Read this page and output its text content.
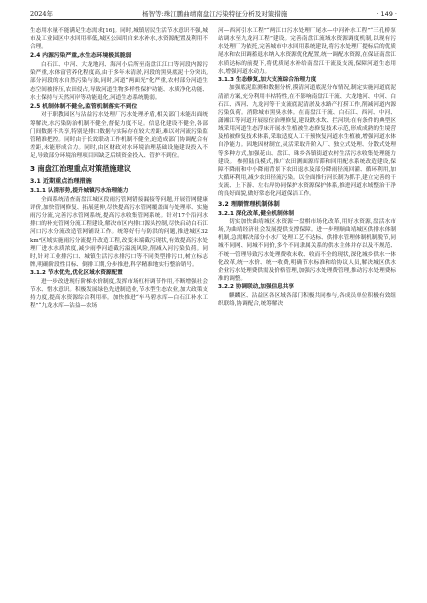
2024年	杨智等:珠江鹏曲靖南盘江污染特征分析及对策措施	· 149 ·

生态用水量不能满足生态需求[16]。同时,城镇居民生活节水意识不强,城市及工业园区中水回用率低,城区公园用自来水补水,水资源配置及利用不合理。

2.4 内源污染严重,水生态环境极其脆弱

白石江、中河、大龙地河、海河小后所至南盘江江口等河段内源污染严重,水体富营养化程度高,由于多年未清淤,河段的黑臭底泥十分突出,部分河段的水自然污染与浊,同时,河道“两面光”化严重,农村部分河道生态空间被挤压,农田侵占,导致河道生物多样性保护功能、水质净化功能、水土保持与天然河岸等功能退化,河道生态系统脆弱。

2.5 机制体制不健全,监管机制落实不到位

对于职教园区与沾益污水处理厂污水处理矛盾,相关部门未能出面统筹解决,水污染防治机制不健全,督促力度不足。信息化建设不健全,各部门间数据不共享,特别是排口数据与实际存在较大差距,难以对河流污染监管精准把控。同时由于长效联动工作机制不健全,迫造成部门协调配合有差距,未能形成合力。同时,由区财政对水环境治理基础设施建设投入不足,导致部分环境治理项目因缺乏后续资金投入、管护不到位。

3 南盘江治理重点对策措施建议
3.1 近期重点治理措施
3.1.1 认清形势,提升城镇污水治理能力

全面系统清查南盘江城区段雨污管网错接漏接等问题,开展管网健康评价,加快管网修复、拓展延伸,尽快提高污水管网覆盖面与处理率、实施雨污分流,完善污水管网系统,提高污水收集管网系统。针对17个沿河水排口的补充管网分流工程建设,解决市区内排口源头控制,尽快启动白石江河口污水分流改造管网铺设工作。统筹好行与防洪的问题,推进城区32 km²区域实施雨污分流提升改造工程,改变未端截污现状,有效提高污水处理厂进水水质浓度,减少雨季河道截污溢流风险,削减入河污染负荷。同时,针对工业排污口、城镇生活污水排污口等不同类型排污口,树立标志牌,明确阶段性目标、倒排工期,分步推进,科学精准地实行整治销号。

3.1.2 节水优先,优化区域水资源配置

进一步改进现行阶梯水价制度,发挥市场杠杆调节作用,不断增强社会节水、惜水意识。积极发展绿色先进制造业,节水型生态农业,加大政策支持力度,提高水资源综合利用率。加快推进“车马碧水库—白石江补水工程”“九龙水库—沾益—农场

河—西河引水工程”“两江口污水处理厂尾水—中河补水工程”“三孔桥泵站调水至九龙河工程”建设。完善南盘江流域水资源调度机制,以现有污水处理厂为依托,完善城市中水回用系统建设,将污水处理厂提标后的优质尾水和农田调蓄退水纳入水资源优化配置,统一调配水资源,在保证南盘江水质达标的前提下,将优质尾水补给南盘江干流及支流,保障河道生态用水,增强河道水动力。

3.1.3 生态修复,加大支流综合治理力度

加强底泥监测和数据分析,摸清河道底泥分布情况,制定实施河道底泥清淤方案,充分利用丰枯特性,在不影响南盘江干流、大龙地河、中河、白石江、西河、九龙河等干支流底泥清淤及水路产打捞工作,削减河道内源污染负荷。消除城市黑臭水体。在南盘江干流、白石江、西河、中河、潇湘江等河道开展原位治理修复,建设跌水坎、拦河坝;在有条件的典型区域采用河道生态浮床开展水生植被生态修复技术示范,形成成熟的生境营及植被修复技术体系,采取适度人工干预恢复河道水生植被,增强河道水体自净能力。因地因材制宜,灵活采取升阶入厂、独立式处理、分散式处理等多种方式,加强花山、盘江、珠乡各镇街道农村生活污水收集处理能力建设。 参照陆良模式,推广农田测面源库滞和回用配水系统改造建设,保障不降雨和中小降雨背景下农田退水及部分降雨径流回灌、循环利用,加大循环利用,减少农田径流污染。以全面推行河长制为抓手,建立完善的干支流、上下游、左右岸协同保护水资源保护体系,推进河道水域整治干净的良好面貌,做好常态化河道保洁工作。

3.2 理顺管理机制体制
3.2.1 深化改革,健全机制体制

切实加快曲靖城区水资源一盘棋市场化改革,用好水资源,盘活水市场,为曲靖经济社会发展提供支撑保障。进一步理顺曲靖城区供排水体制机制,急需解决部分小水厂处理工艺不达标、供排水管理体制机制脱节,同城不同网、同城不同价,多个不同隶属关系的供水主体并存以及不规范、不统一管理导致污水处理费收未收、收而不全的现状,深化城乡供水一体化改革,统一水价、统一收费,明确节水标准和给协议人员,解决城区供水企业污水处理费供需及价格管理,加强污水处理费管理,推动污水处理费标准的调整。

3.2.2 协调联动,加强信息共享

麒麟区、沾益区各区域各部门积极共同参与,各成员单位积极有效组织联络,协调配合,统筹解决
